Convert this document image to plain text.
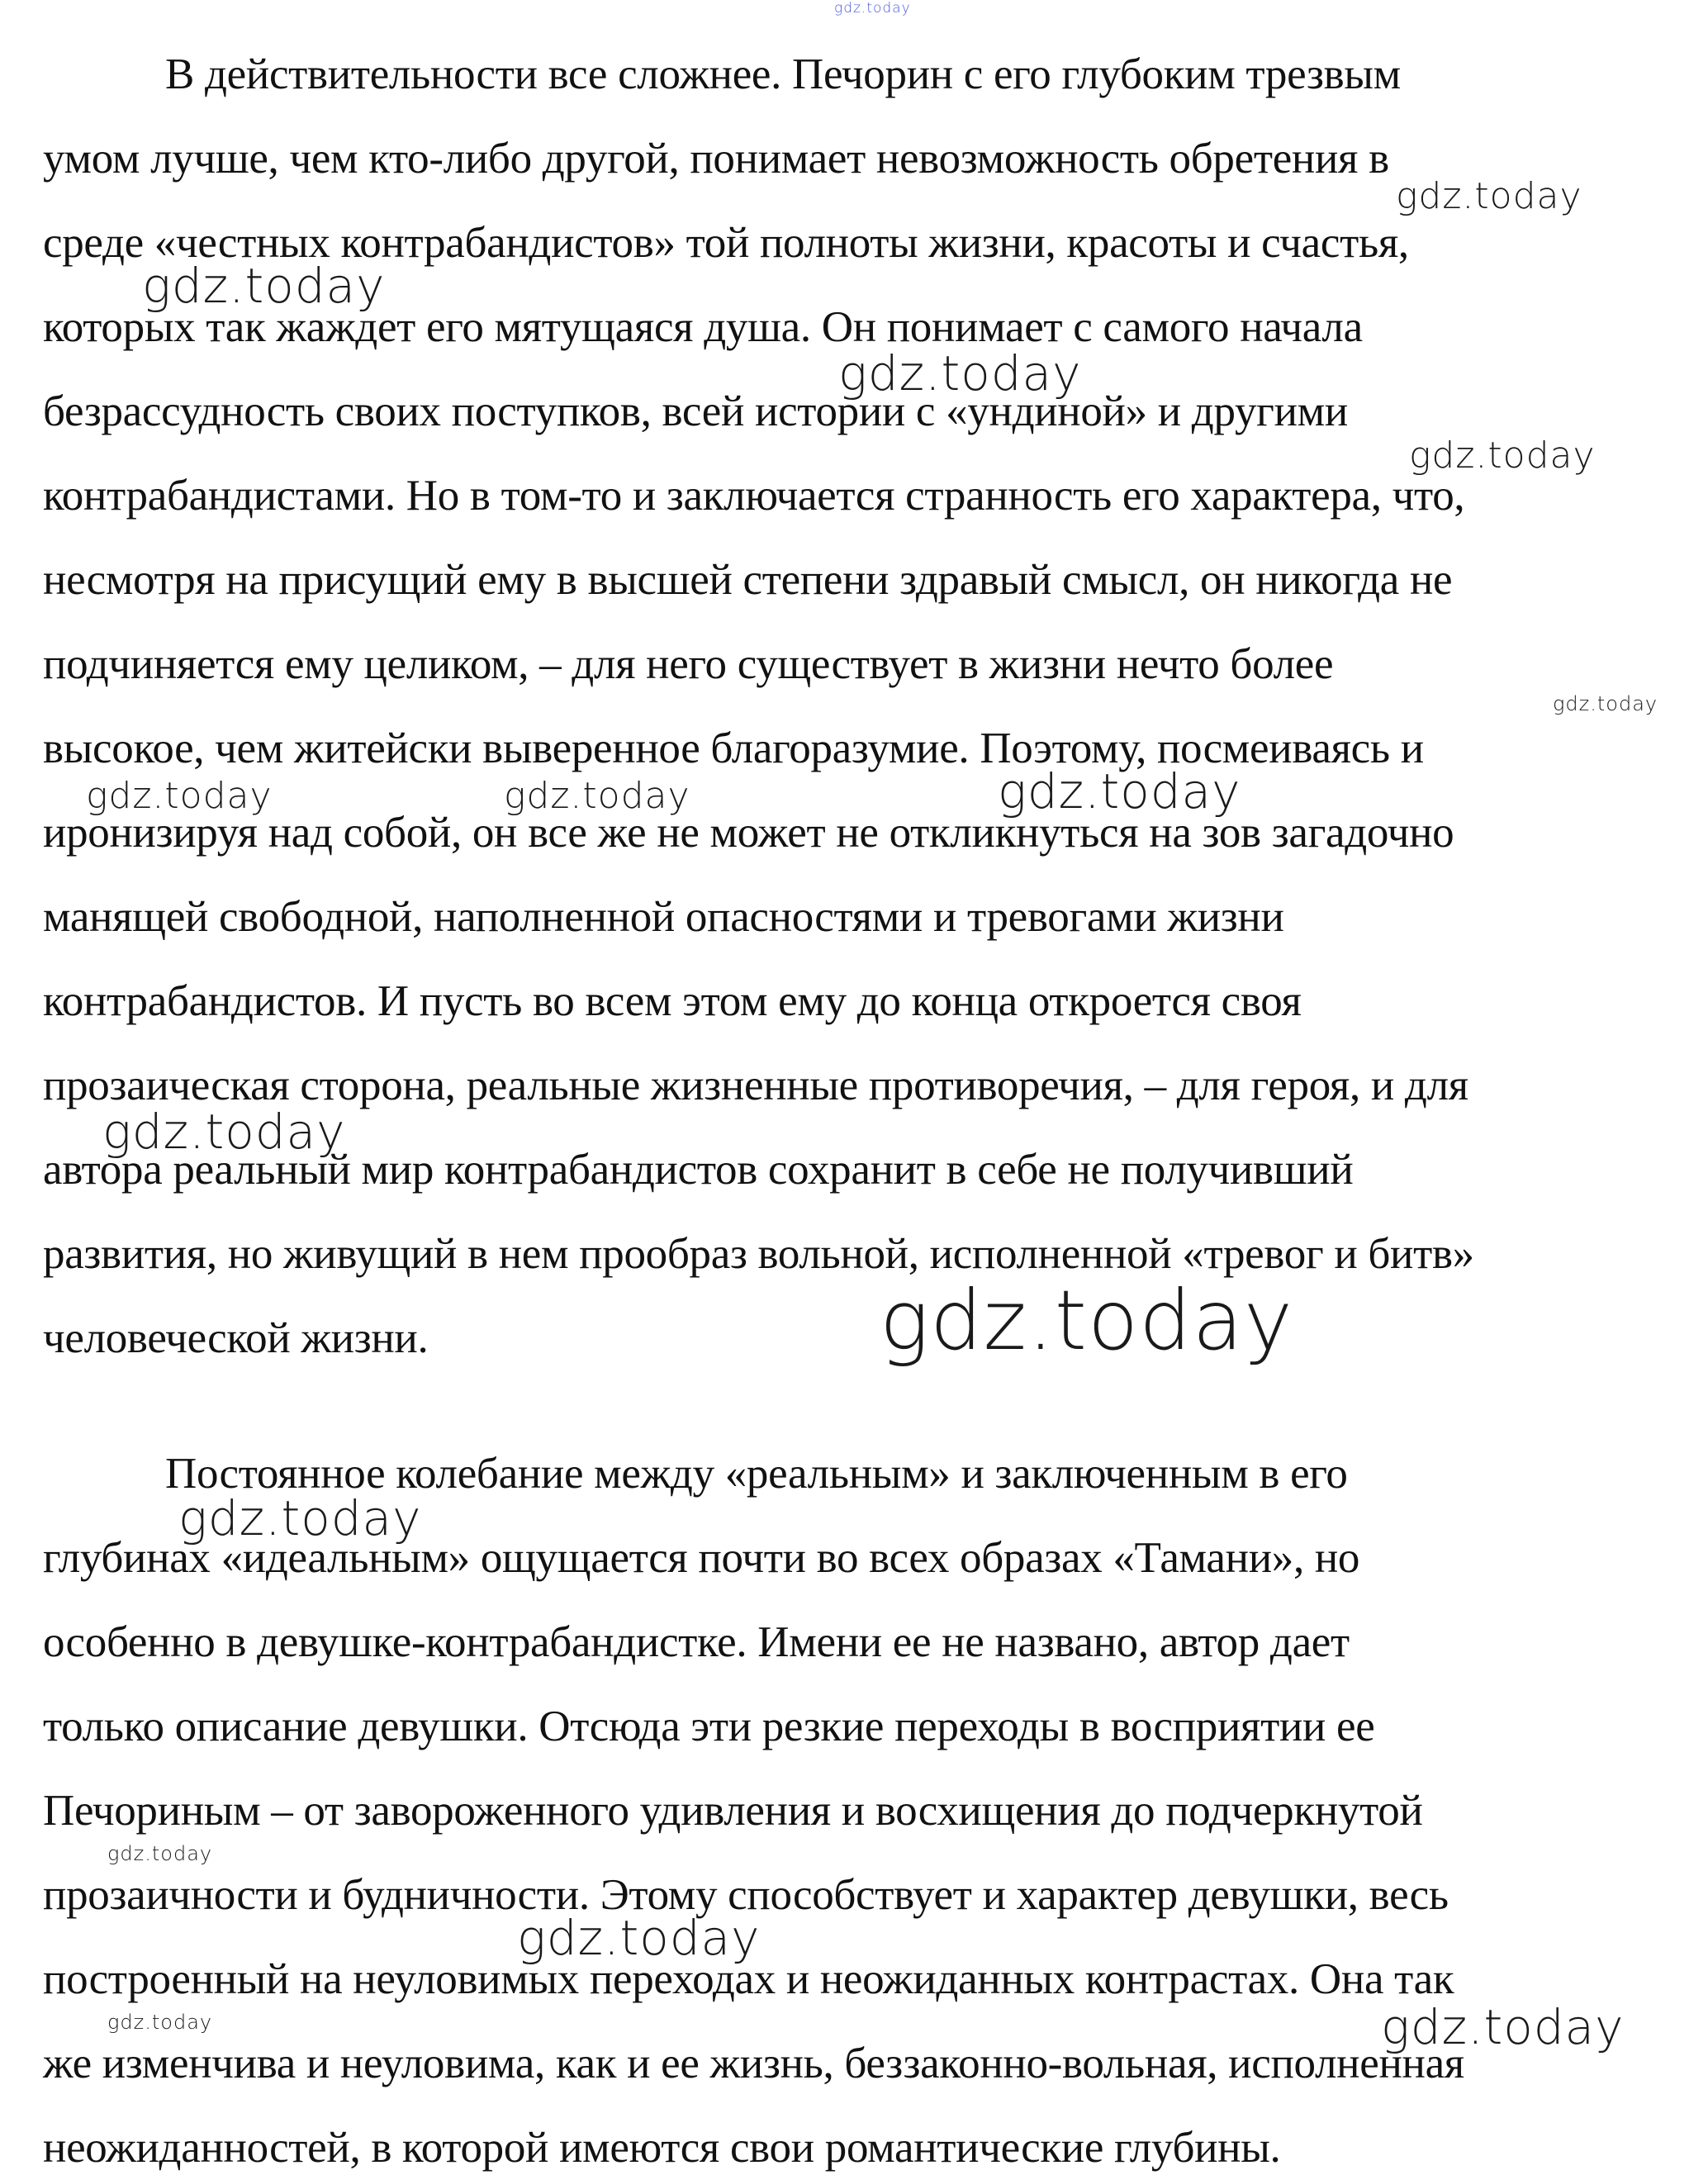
gdz.today
В действительности все сложнее. Печорин с его глубоким трезвым
умом лучше, чем кто-либо другой, понимает невозможность обретения в
среде «честных контрабандистов» той полноты жизни, красоты и счастья,
которых так жаждет его мятущаяся душа. Он понимает с самого начала
безрассудность своих поступков, всей истории с «ундиной» и другими
контрабандистами. Но в том-то и заключается странность его характера, что,
несмотря на присущий ему в высшей степени здравый смысл, он никогда не
подчиняется ему целиком, – для него существует в жизни нечто более
высокое, чем житейски выверенное благоразумие. Поэтому, посмеиваясь и
иронизируя над собой, он все же не может не откликнуться на зов загадочно
манящей свободной, наполненной опасностями и тревогами жизни
контрабандистов. И пусть во всем этом ему до конца откроется своя
прозаическая сторона, реальные жизненные противоречия, – для героя, и для
автора реальный мир контрабандистов сохранит в себе не получивший
развития, но живущий в нем прообраз вольной, исполненной «тревог и битв»
человеческой жизни.
Постоянное колебание между «реальным» и заключенным в его
глубинах «идеальным» ощущается почти во всех образах «Тамани», но
особенно в девушке-контрабандистке. Имени ее не названо, автор дает
только описание девушки. Отсюда эти резкие переходы в восприятии ее
Печориным – от завороженного удивления и восхищения до подчеркнутой
прозаичности и будничности. Этому способствует и характер девушки, весь
построенный на неуловимых переходах и неожиданных контрастах. Она так
же изменчива и неуловима, как и ее жизнь, беззаконно-вольная, исполненная
неожиданностей, в которой имеются свои романтические глубины.
gdz.today
gdz.today
gdz.today
gdz.today
gdz.today
gdz.today	gdz.today	gdz.today
gdz.today
gdz.today
gdz.today
gdz.today
gdz.today
gdz.today	gdz.today
